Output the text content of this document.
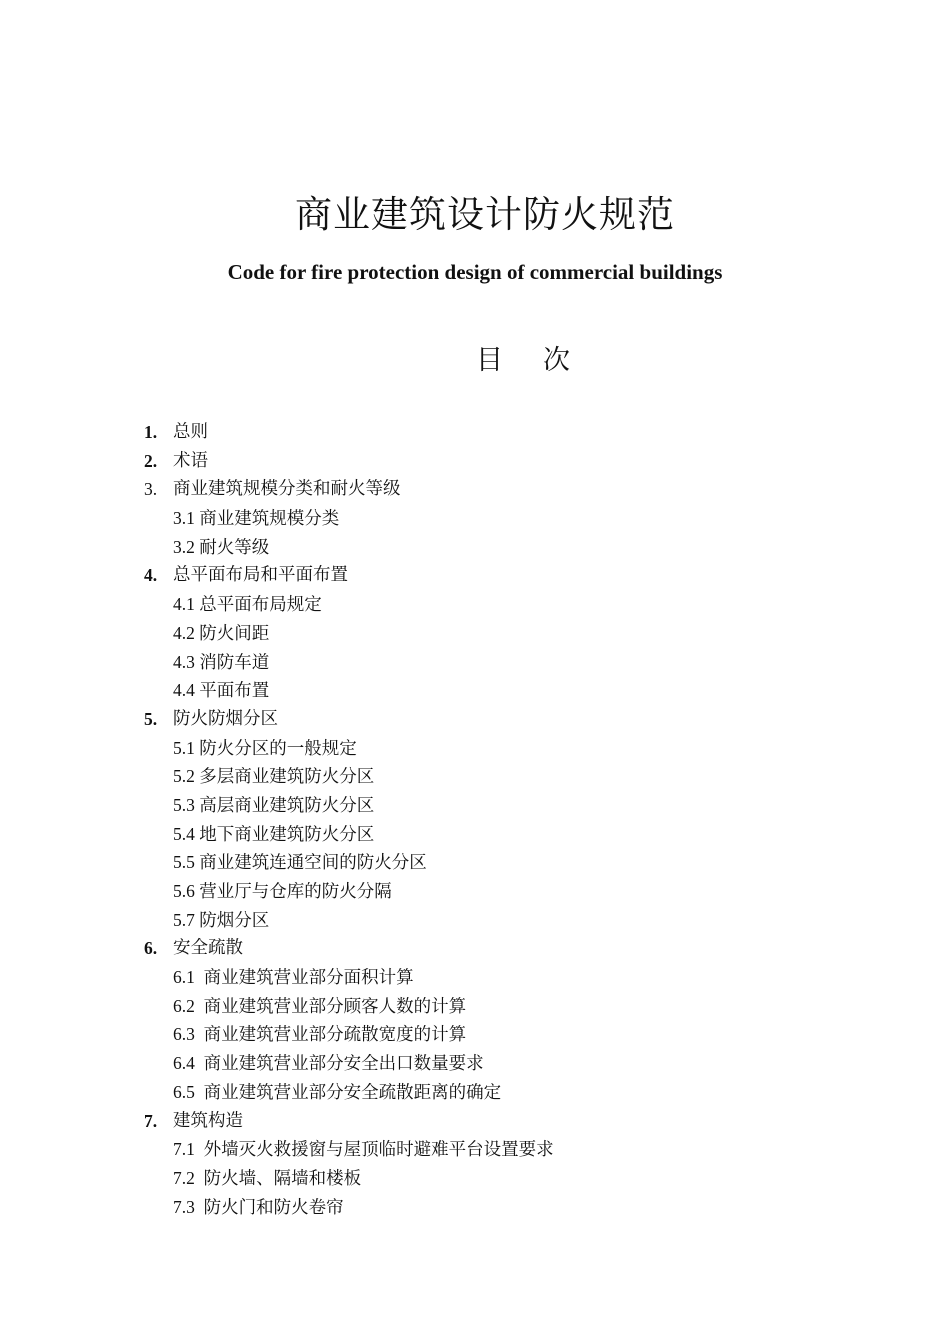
商业建筑设计防火规范
Code for fire protection design of commercial buildings
目 次
1. 总则
2. 术语
3. 商业建筑规模分类和耐火等级
3.1 商业建筑规模分类
3.2 耐火等级
4. 总平面布局和平面布置
4.1 总平面布局规定
4.2 防火间距
4.3 消防车道
4.4 平面布置
5. 防火防烟分区
5.1 防火分区的一般规定
5.2 多层商业建筑防火分区
5.3 高层商业建筑防火分区
5.4 地下商业建筑防火分区
5.5 商业建筑连通空间的防火分区
5.6 营业厅与仓库的防火分隔
5.7 防烟分区
6. 安全疏散
6.1  商业建筑营业部分面积计算
6.2  商业建筑营业部分顾客人数的计算
6.3  商业建筑营业部分疏散宽度的计算
6.4  商业建筑营业部分安全出口数量要求
6.5  商业建筑营业部分安全疏散距离的确定
7. 建筑构造
7.1  外墙灭火救援窗与屋顶临时避难平台设置要求
7.2  防火墙、隔墙和楼板
7.3  防火门和防火卷帘
